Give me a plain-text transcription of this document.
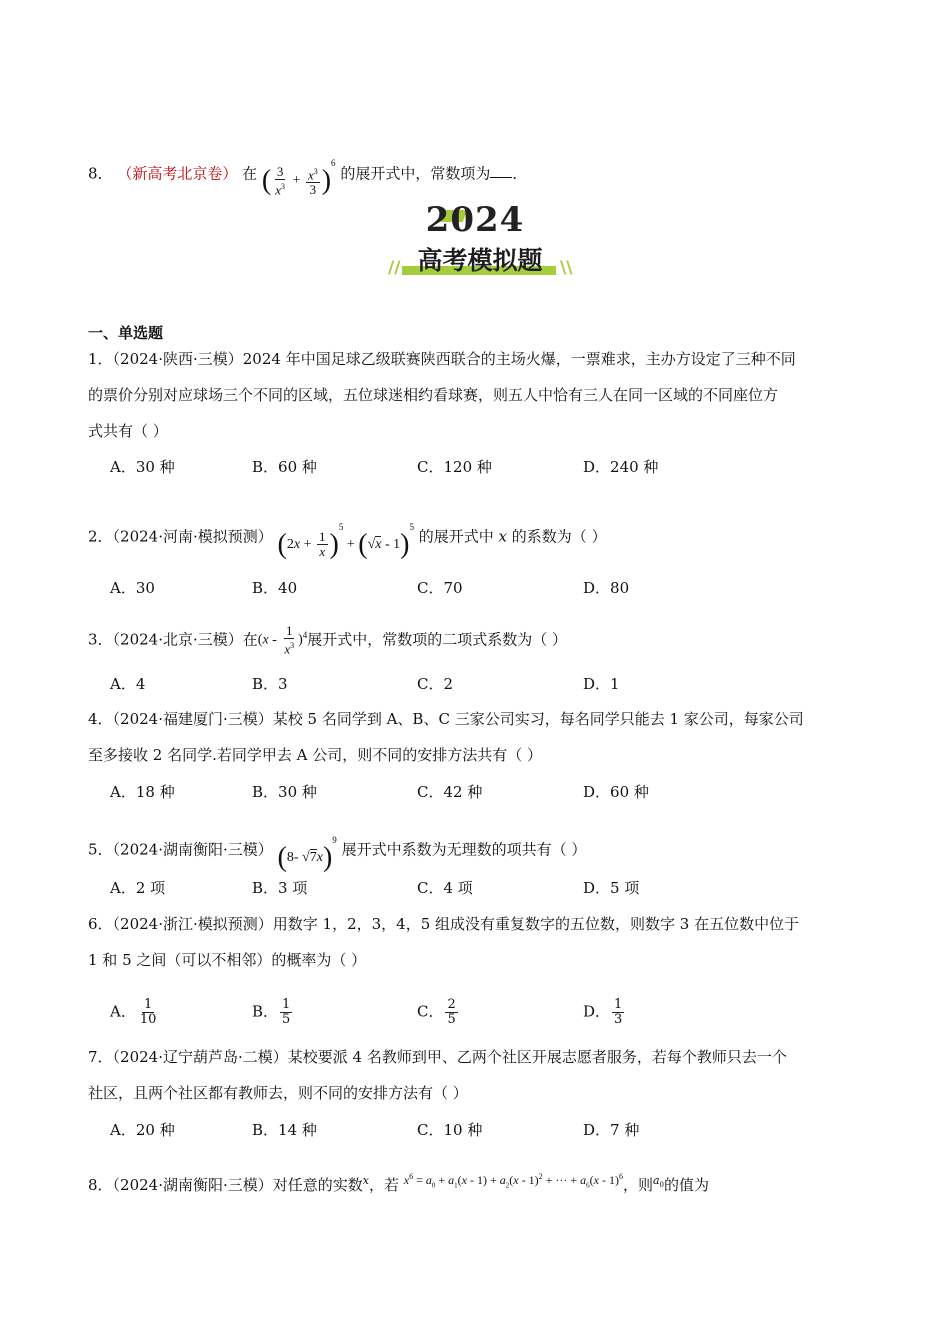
8． （新高考北京卷） 在 ( $\frac{3}{x^3} + \frac{x^3}{3} )^6$ 的展开式中，常数项为 ．
2024
高考模拟题
//	\\
一、单选题
1．（2024·陕西·三模）2024 年中国足球乙级联赛陕西联合的主场火爆，一票难求，主办方设定了三种不同
的票价分别对应球场三个不同的区域，五位球迷相约看球赛，则五人中恰有三人在同一区域的不同座位方
式共有（ ）
A．30 种	B．60 种	C．120 种	D．240 种
2．（2024·河南·模拟预测） $(2x + \frac{1}{x} )^5 + (√x - 1)^5$ 的展开式中 x 的系数为（ ）
A．30	B．40	C．70	D．80
3．（2024·北京·三模）在$(x - \frac{1}{x^3} )^4$展开式中，常数项的二项式系数为（ ）
A．4	B．3	C．2	D．1
4．（2024·福建厦门·三模）某校 5 名同学到 A、B、C 三家公司实习，每名同学只能去 1 家公司，每家公司
至多接收 2 名同学.若同学甲去 A 公司，则不同的安排方法共有（ ）
A．18 种	B．30 种	C．42 种	D．60 种
5．（2024·湖南衡阳·三模） (8- √7x)$^9$ 展开式中系数为无理数的项共有（ ）
A．2 项	B．3 项	C．4 项	D．5 项
6．（2024·浙江·模拟预测）用数字 1，2，3，4，5 组成没有重复数字的五位数，则数字 3 在五位数中位于
1 和 5 之间（可以不相邻）的概率为（ ）
A． $\frac{1}{10}$	B． $\frac{1}{5}$	C． $\frac{2}{5}$	D． $\frac{1}{3}$
7．（2024·辽宁葫芦岛·二模）某校要派 4 名教师到甲、乙两个社区开展志愿者服务，若每个教师只去一个
社区，且两个社区都有教师去，则不同的安排方法有（ ）
A．20 种	B．14 种	C．10 种	D．7 种
8．（2024·湖南衡阳·三模）对任意的实数$^x$，若 $x^6 = a_0 + a_1(x - 1) + a_2(x - 1)^2$ + ··· + $a_6(x - 1)^6$，则$^{a_0}$的值为
